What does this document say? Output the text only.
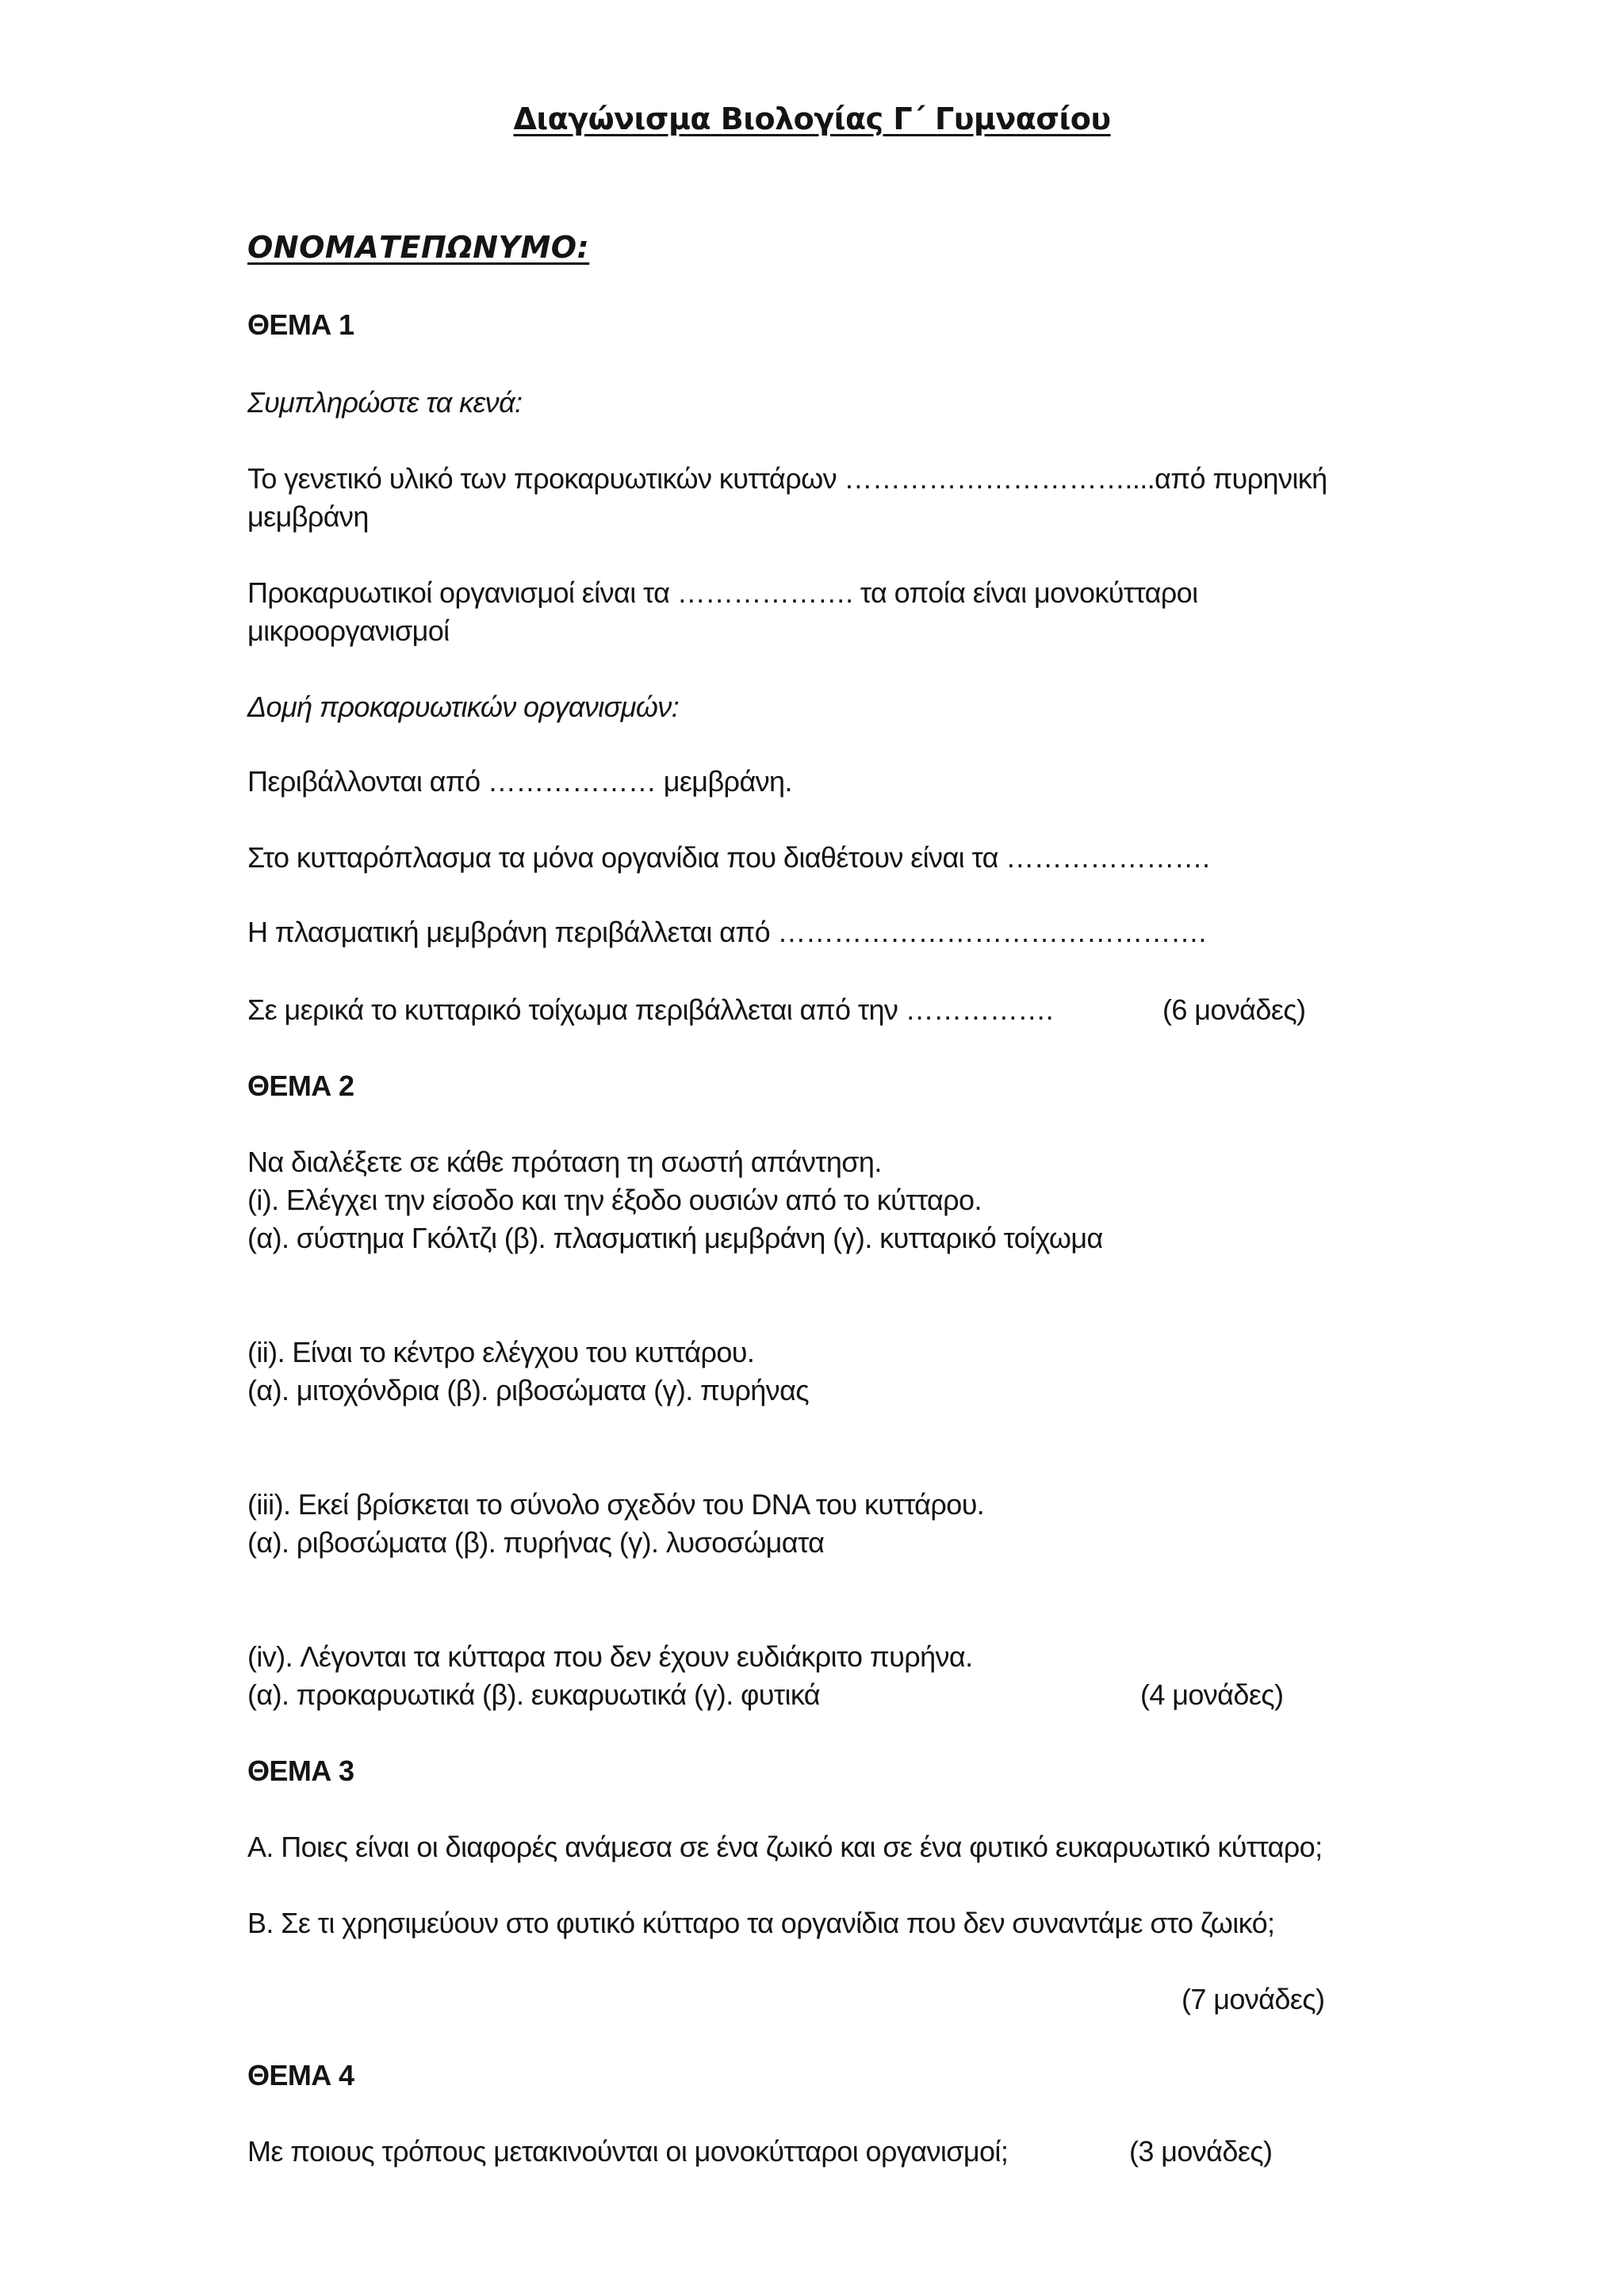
Διαγώνισμα Βιολογίας Γ΄ Γυμνασίου
ΟΝΟΜΑΤΕΠΩΝΥΜΟ:
ΘΕΜΑ 1
Συμπληρώστε τα κενά:
Το γενετικό υλικό των προκαρυωτικών κυττάρων …………………………....από πυρηνική
μεμβράνη
Προκαρυωτικοί οργανισμοί είναι τα ………………. τα οποία είναι μονοκύτταροι
μικροοργανισμοί
Δομή προκαρυωτικών οργανισμών:
Περιβάλλονται από ……………… μεμβράνη.
Στο κυτταρόπλασμα τα μόνα οργανίδια που διαθέτουν είναι τα ………………….
Η πλασματική μεμβράνη περιβάλλεται από ……………………………………….
Σε μερικά το κυτταρικό τοίχωμα περιβάλλεται από την …………….	(6 μονάδες)
ΘΕΜΑ 2
Να διαλέξετε σε κάθε πρόταση τη σωστή απάντηση.
(i). Ελέγχει την είσοδο και την έξοδο ουσιών από το κύτταρο.
(α). σύστημα Γκόλτζι (β). πλασματική μεμβράνη (γ). κυτταρικό τοίχωμα
(ii). Είναι το κέντρο ελέγχου του κυττάρου.
(α). μιτοχόνδρια (β). ριβοσώματα (γ). πυρήνας
(iii). Εκεί βρίσκεται το σύνολο σχεδόν του DNA του κυττάρου.
(α). ριβοσώματα (β). πυρήνας (γ). λυσοσώματα
(iv). Λέγονται τα κύτταρα που δεν έχουν ευδιάκριτο πυρήνα.
(α). προκαρυωτικά (β). ευκαρυωτικά (γ). φυτικά	(4 μονάδες)
ΘΕΜΑ 3
Α. Ποιες είναι οι διαφορές ανάμεσα σε ένα ζωικό και σε ένα φυτικό ευκαρυωτικό κύτταρο;
Β. Σε τι χρησιμεύουν στο φυτικό κύτταρο τα οργανίδια που δεν συναντάμε στο ζωικό;
(7 μονάδες)
ΘΕΜΑ 4
Με ποιους τρόπους μετακινούνται οι μονοκύτταροι οργανισμοί;	(3 μονάδες)
